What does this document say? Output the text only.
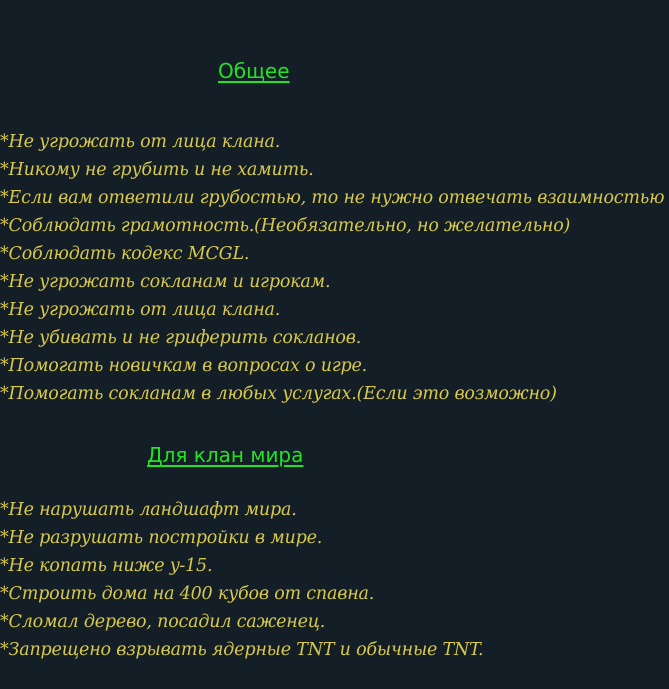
Общее
*Не угрожать от лица клана.
*Никому не грубить и не хамить.
*Если вам ответили грубостью, то не нужно отвечать взаимностью
*Соблюдать грамотность.(Необязательно, но желательно)
*Соблюдать кодекс MCGL.
*Не угрожать сокланам и игрокам.
*Не угрожать от лица клана.
*Не убивать и не гриферить сокланов.
*Помогать новичкам в вопросах о игре.
*Помогать сокланам в любых услугах.(Если это возможно)
Для клан мира
*Не нарушать ландшафт мира.
*Не разрушать постройки в мире.
*Не копать ниже y-15.
*Строить дома на 400 кубов от спавна.
*Сломал дерево, посадил саженец.
*Запрещено взрывать ядерные TNT и обычные TNT.
